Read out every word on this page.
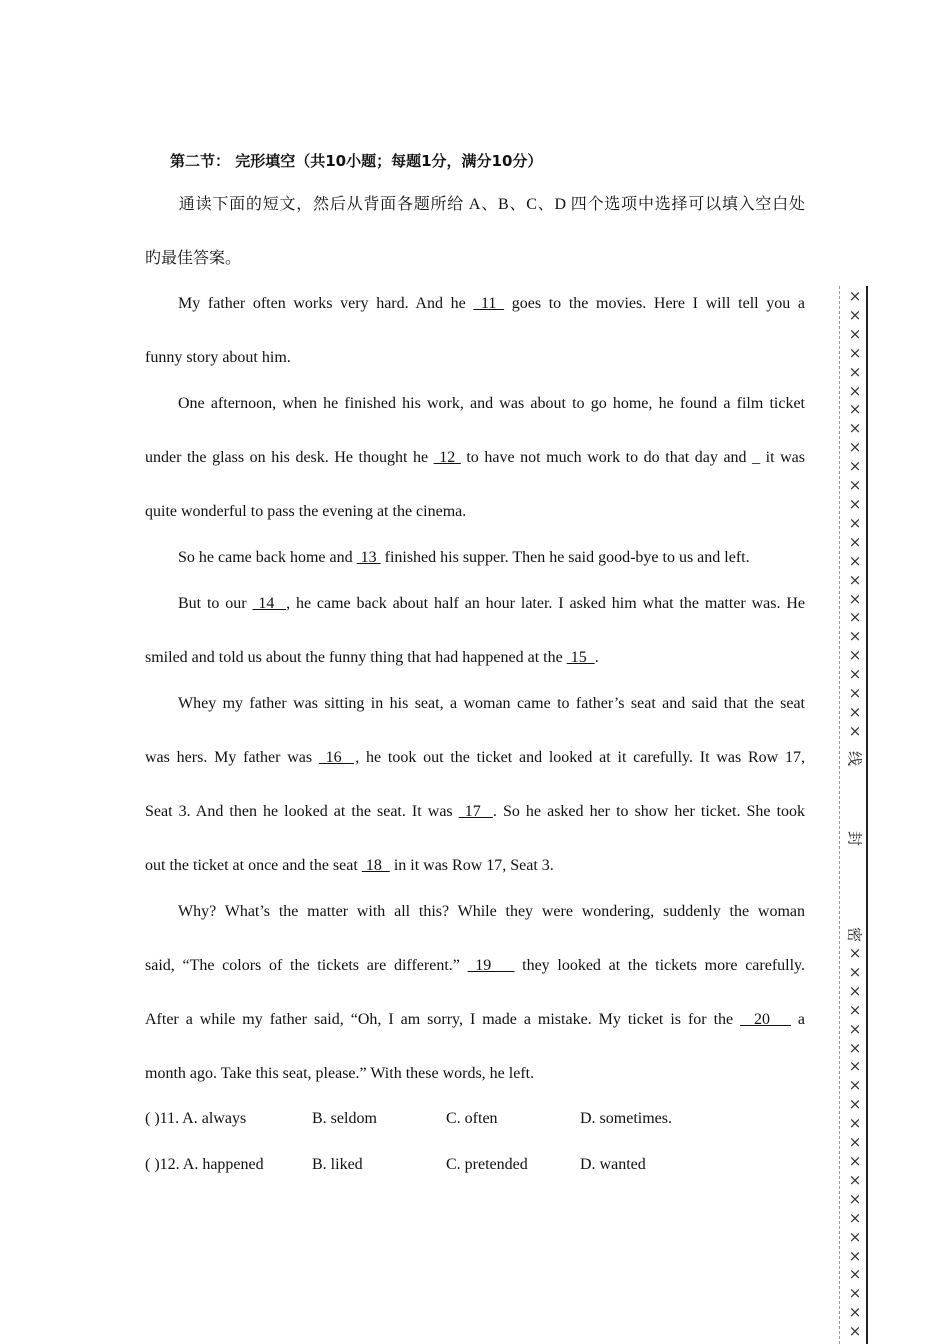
第二节： 完形填空（共10小题；每题1分，满分10分）

通读下面的短文，然后从背面各题所给 A、B、C、D 四个选项中选择可以填入空白处

旳最佳答案。

My father often works very hard. And he  11  goes to the movies. Here I will tell you a

funny story about him.

One afternoon, when he finished his work, and was about to go home, he found a film ticket

under the glass on his desk. He thought he  12  to have not much work to do that day and _ it was

quite wonderful to pass the evening at the cinema.

So he came back home and  13  finished his supper. Then he said good-bye to us and left.

But to our  14  , he came back about half an hour later. I asked him what the matter was. He

smiled and told us about the funny thing that had happened at the  15  .

Whey my father was sitting in his seat, a woman came to father’s seat and said that the seat

was hers. My father was  16  , he took out the ticket and looked at it carefully. It was Row 17,

Seat 3. And then he looked at the seat. It was  17  . So he asked her to show her ticket. She took

out the ticket at once and the seat  18   in it was Row 17, Seat 3.

Why? What’s the matter with all this? While they were wondering, suddenly the woman

said, “The colors of the tickets are different.”  19    they looked at the tickets more carefully.

After a while my father said, “Oh, I am sorry, I made a mistake. My ticket is for the   20    a

month ago. Take this seat, please.” With these words, he left.

( )11. A. always	B. seldom	C. often	D. sometimes.
( )12. A. happened	B. liked	C. pretended	D. wanted
×
×
×
×
×
×
×
×
×
×
×
×
×
×
×
×
×
×
×
×
×
×
×
×
线
封
密
×
×
×
×
×
×
×
×
×
×
×
×
×
×
×
×
×
×
×
×
×
